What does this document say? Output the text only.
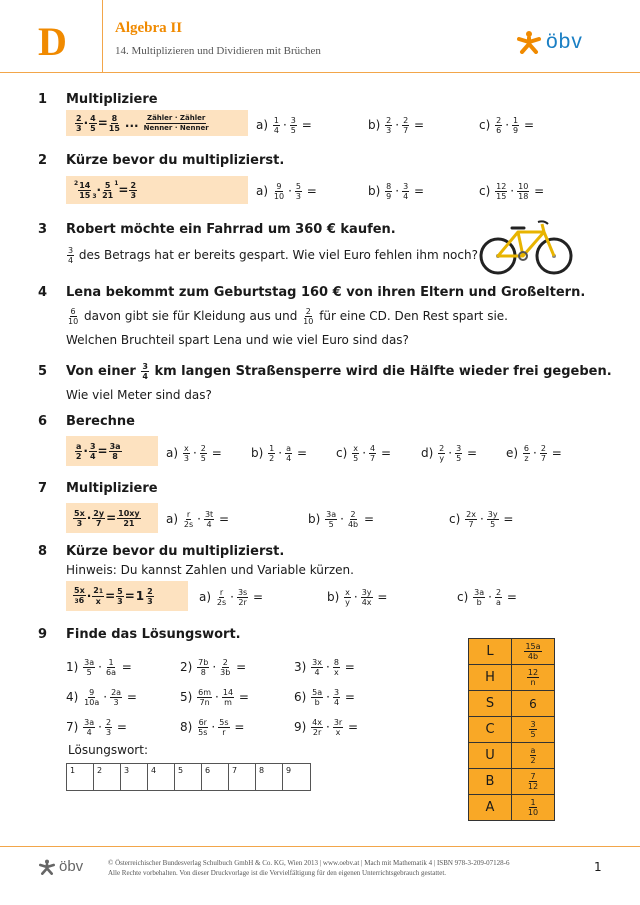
D	Algebra II
14. Multiplizieren und Dividieren mit Brüchen	öbv
1 Multipliziere
2
3 · 4
5 = 8
15 ... Zähler · Zähler
Nenner · Nenner	$a) \frac{1}{4} \cdot \frac{3}{5}$ =	$b) \frac{2}{3} \cdot \frac{2}{7}$ =	$c) \frac{2}{6} \cdot \frac{1}{9}$ =
2 Kürze bevor du multiplizierst.
2 14
15 3 · 5
21
1 = 2
3	$a) \frac{9}{10} \cdot \frac{5}{3}$ =	$b) \frac{8}{9} \cdot \frac{3}{4}$ =	$c) \frac{12}{15} \cdot \frac{10}{18}$ =
3 Robert möchte ein Fahrrad um 360 € kaufen.
$\frac{3}{4}$ des Betrags hat er bereits gespart. Wie viel Euro fehlen ihm noch?
4 Lena bekommt zum Geburtstag 160 € von ihren Eltern und Großeltern.
$\frac{6}{10}$ davon gibt sie für Kleidung aus und $\frac{2}{10}$ für eine CD. Den Rest spart sie.
Welchen Bruchteil spart Lena und wie viel Euro sind das?
5 Von einer $\frac{3}{4}$ km langen Straßensperre wird die Hälfte wieder frei gegeben.
Wie viel Meter sind das?
6 Berechne
a
2 · 3
4 = 3a
8	$a) \frac{x}{3} \cdot \frac{2}{5} = b) \frac{1}{2} \cdot \frac{a}{4} = c) \frac{x}{5} \cdot \frac{4}{7}$ =	$d) \frac{2}{y} \cdot \frac{3}{5} = e) \frac{6}{z} \cdot \frac{2}{7}$ =
7 Multipliziere
5x
3 · 2y
7 = 10xy
21	$a) \frac{r}{2s} \cdot \frac{3t}{4}$ =	$b) \frac{3a}{5} \cdot \frac{2}{4b}$ =	$c) \frac{2x}{7} \cdot \frac{3y}{5}$ =
8 Kürze bevor du multiplizierst.
Hinweis: Du kannst Zahlen und Variable kürzen.
5x
36 · 21
x = 5
3 = 1 2
3	$a) \frac{r}{2s} \cdot \frac{3s}{2r}$ =	$b) \frac{x}{y} \cdot \frac{3y}{4x}$ =	$c) \frac{3a}{b} \cdot \frac{2}{a}$ =
9 Finde das Lösungswort.
$1) \frac{3a}{5} \cdot \frac{1}{6a}$ =	$2) \frac{7b}{8} \cdot \frac{2}{3b}$ =	$3) \frac{3x}{4} \cdot \frac{8}{x}$ =
$4) \frac{9}{10a} \cdot \frac{2a}{3}$ =	$5) \frac{6m}{7n} \cdot \frac{14}{m}$ =	$6) \frac{5a}{b} \cdot \frac{3}{4}$ =
$7) \frac{3a}{4} \cdot \frac{2}{3}$ =	$8) \frac{6r}{5s} \cdot \frac{5s}{r}$ =	$9) \frac{4x}{2r} \cdot \frac{3r}{x}$ =
Lösungswort:
1	2	3	4	5	6	7	8	9
L	$\frac{15a}{4b}$
H	$\frac{12}{n}$
S	6
C	$\frac{3}{5}$
U	$\frac{a}{2}$
B	$\frac{7}{12}$
A	$\frac{1}{10}$
öbv	© Österreichischer Bundesverlag Schulbuch GmbH & Co. KG, Wien 2013 | www.oebv.at | Mach mit Mathematik 4 | ISBN 978-3-209-07128-6
Alle Rechte vorbehalten. Von dieser Druckvorlage ist die Vervielfältigung für den eigenen Unterrichtsgebrauch gestattet.	1
